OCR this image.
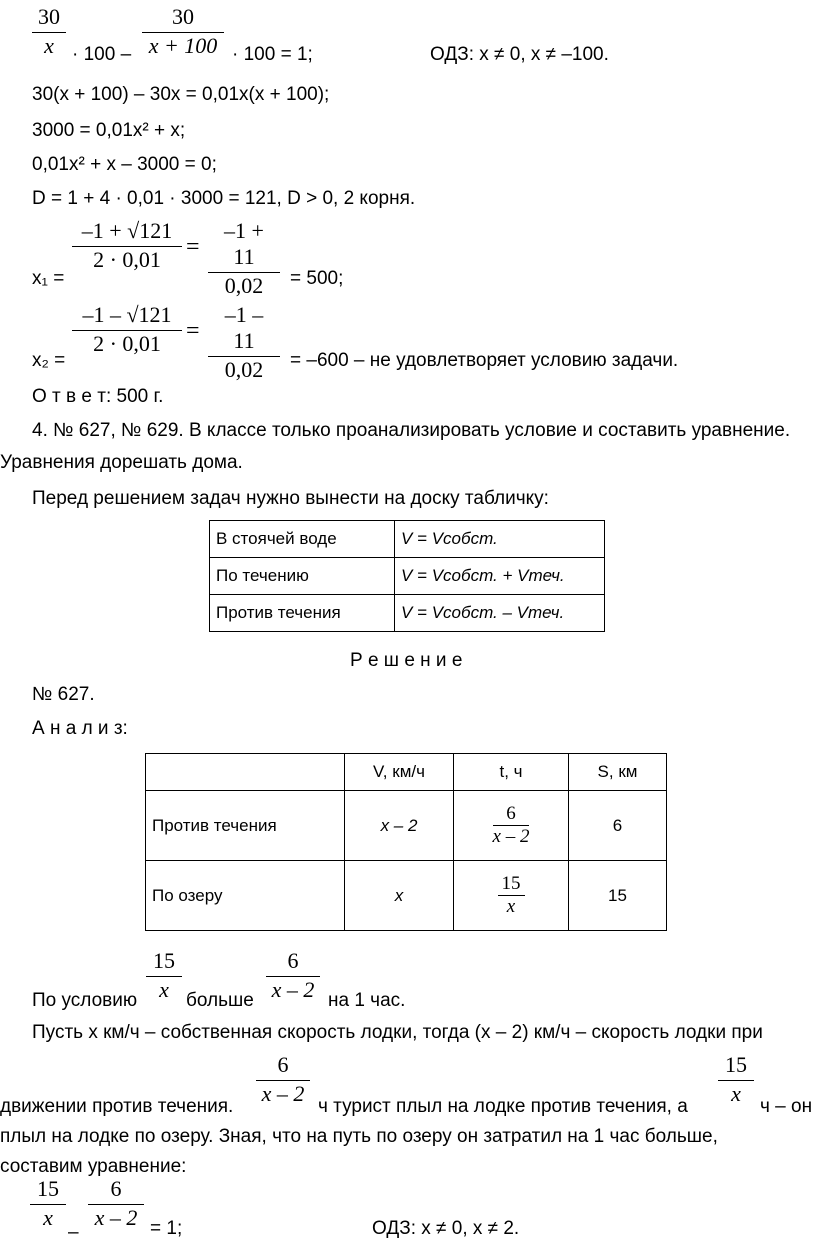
$\frac{30}{x} \cdot 100 - \frac{30}{x + 100} \cdot 100 = 1$;	ОДЗ: x ≠ 0, x ≠ –100.
30(x + 100) – 30x = 0,01x(x + 100);
3000 = 0,01x² + x;
0,01x² + x – 3000 = 0;
D = 1 + 4 · 0,01 · 3000 = 121, D > 0, 2 корня.
$\frac{-1 + √121}{2 \cdot 0,01} = \frac{-1 + 11}{0,02}$
x₁ =	= 500;
$\frac{-1 - √121}{2 \cdot 0,01} = \frac{-1 - 11}{0,02}$
x₂ =	= –600 – не удовлетворяет условию задачи.
О т в е т: 500 г.
4. № 627, № 629. В классе только проанализировать условие и составить уравнение.
Уравнения дорешать дома.
Перед решением задач нужно вынести на доску табличку:
В стоячей воде	V = Vсобст.
По течению	V = Vсобст. + Vтеч.
Против течения	V = Vсобст. – Vтеч.
Р е ш е н и е
№ 627.
А н а л и з:
	V, км/ч	t, ч	S, км
Против течения	x – 2	$\frac{6}{x - 2}$	6
По озеру	x	$\frac{15}{x}$	15
$\frac{15}{x}$	$\frac{6}{x - 2}$
По условию	больше	на 1 час.
Пусть x км/ч – собственная скорость лодки, тогда (x – 2) км/ч – скорость лодки при
$\frac{6}{x - 2}$	$\frac{15}{x}$
движении против течения.	ч турист плыл на лодке против течения, а	ч – он
плыл на лодке по озеру. Зная, что на путь по озеру он затратил на 1 час больше,
составим уравнение:
$\frac{15}{x}$
–
$\frac{6}{x - 2} = 1$;	ОДЗ: x ≠ 0, x ≠ 2.
